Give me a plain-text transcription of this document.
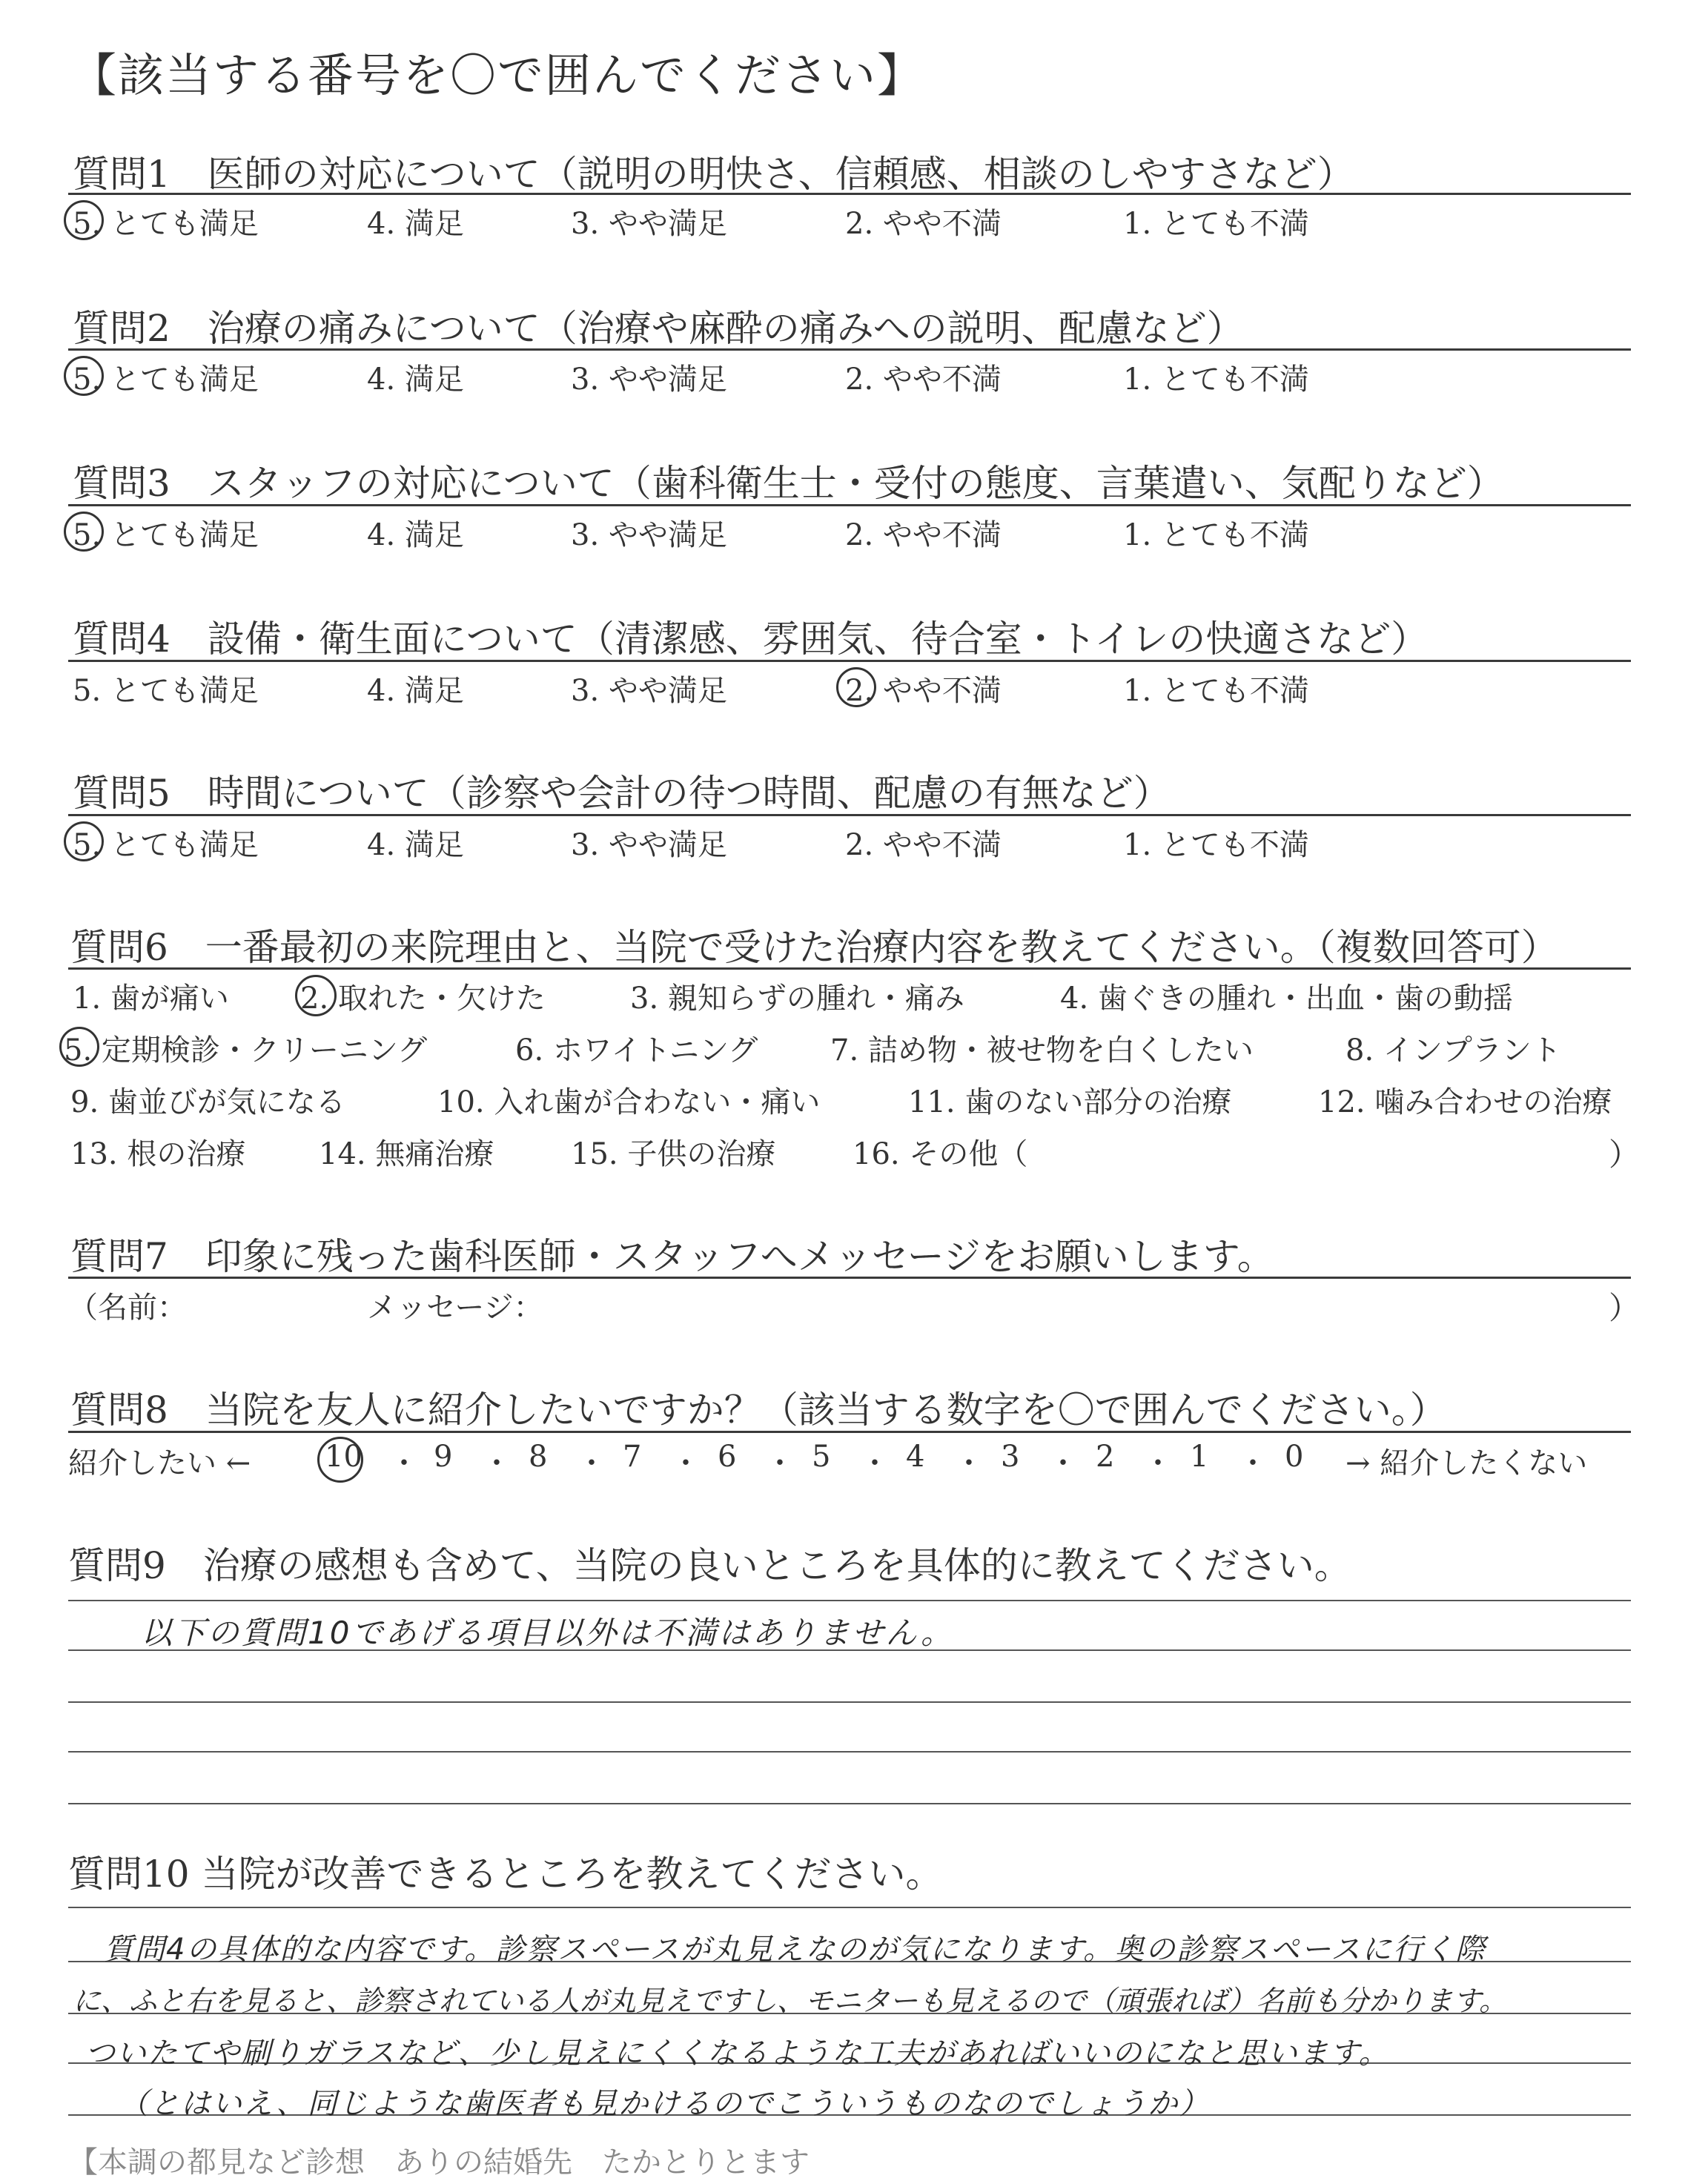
【該当する番号を〇で囲んでください】
質問1　医師の対応について（説明の明快さ、信頼感、相談のしやすさなど）
5. とても満足	4. 満足	3. やや満足	2. やや不満	1. とても不満
質問2　治療の痛みについて（治療や麻酔の痛みへの説明、配慮など）
5. とても満足	4. 満足	3. やや満足	2. やや不満	1. とても不満
質問3　スタッフの対応について（歯科衛生士・受付の態度、言葉遣い、気配りなど）
5. とても満足	4. 満足	3. やや満足	2. やや不満	1. とても不満
質問4　設備・衛生面について（清潔感、雰囲気、待合室・トイレの快適さなど）
5. とても満足	4. 満足	3. やや満足	2. やや不満	1. とても不満
質問5　時間について（診察や会計の待つ時間、配慮の有無など）
5. とても満足	4. 満足	3. やや満足	2. やや不満	1. とても不満
質問6　一番最初の来院理由と、当院で受けた治療内容を教えてください。（複数回答可）
1. 歯が痛い 2. 取れた・欠けた	3. 親知らずの腫れ・痛み	4. 歯ぐきの腫れ・出血・歯の動揺
5. 定期検診・クリーニング	6. ホワイトニング 7. 詰め物・被せ物を白くしたい	8. インプラント
9. 歯並びが気になる	10. 入れ歯が合わない・痛い	11. 歯のない部分の治療	12. 噛み合わせの治療
13. 根の治療 14. 無痛治療	15. 子供の治療	16. その他（	）
質問7　印象に残った歯科医師・スタッフへメッセージをお願いします。
（名前：	メッセージ：	）
質問8　当院を友人に紹介したいですか？（該当する数字を〇で囲んでください。）
紹介したい ←	→ 紹介したくない
10 ・ 9 ・ 8 ・ 7 ・ 6 ・ 5 ・ 4 ・ 3 ・ 2 ・ 1 ・ 0
質問9　治療の感想も含めて、当院の良いところを具体的に教えてください。
以下の質問10であげる項目以外は不満はありません。
質問10 当院が改善できるところを教えてください。
質問4の具体的な内容です。診察スペースが丸見えなのが気になります。奥の診察スペースに行く際
に、ふと右を見ると、診察されている人が丸見えですし、モニターも見えるので（頑張れば）名前も分かります。
ついたてや刷りガラスなど、少し見えにくくなるような工夫があればいいのになと思います。
（とはいえ、同じような歯医者も見かけるのでこういうものなのでしょうか）
【本調の都見など診想　ありの結婚先　たかとりとます
